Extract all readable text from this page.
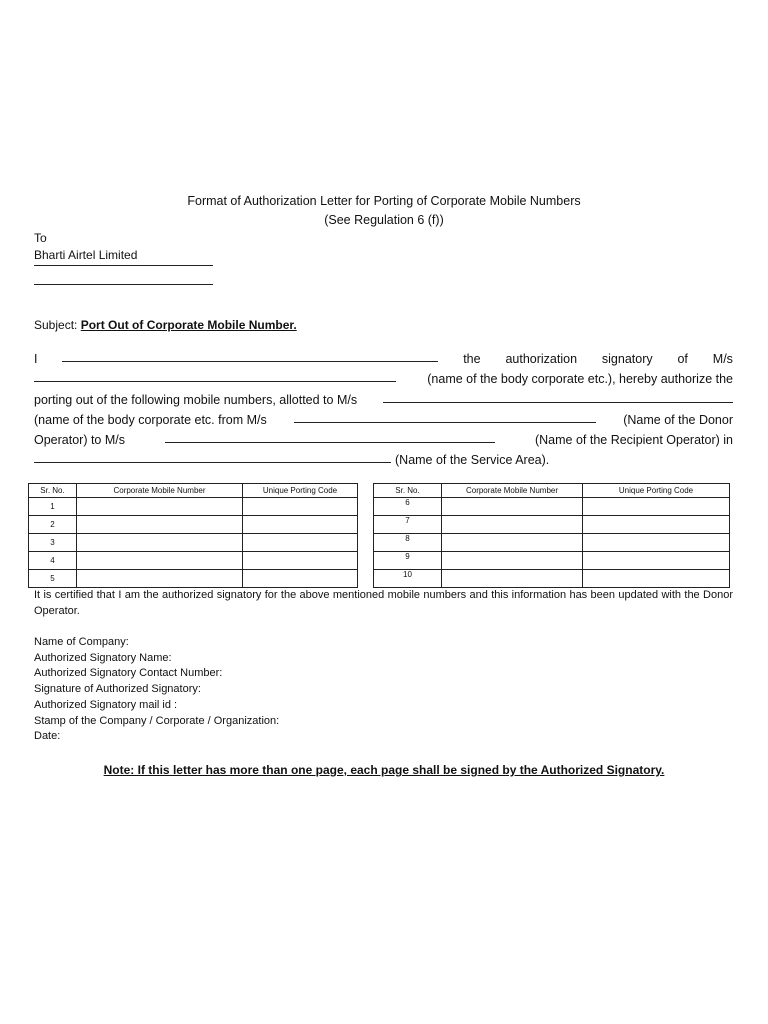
Format of Authorization Letter for Porting of Corporate Mobile Numbers
(See Regulation 6 (f))
To
Bharti Airtel Limited
Subject: Port Out of Corporate Mobile Number.
I	the authorization signatory of M/s
(name of the body corporate etc.), hereby authorize the
porting out of the following mobile numbers, allotted to M/s
(name of the body corporate etc. from M/s	(Name of the Donor
Operator) to M/s	(Name of the Recipient Operator) in
(Name of the Service Area).
Sr. No.	Corporate Mobile Number	Unique Porting Code
1		
2		
3		
4		
5		
Sr. No.	Corporate Mobile Number	Unique Porting Code
6		
7		
8		
9		
10		
It is certified that I am the authorized signatory for the above mentioned mobile numbers and this information has been updated with the Donor Operator.
Name of Company:
Authorized Signatory Name:
Authorized Signatory Contact Number:
Signature of Authorized Signatory:
Authorized Signatory mail id :
Stamp of the Company / Corporate / Organization:
Date:
Note: If this letter has more than one page, each page shall be signed by the Authorized Signatory.
